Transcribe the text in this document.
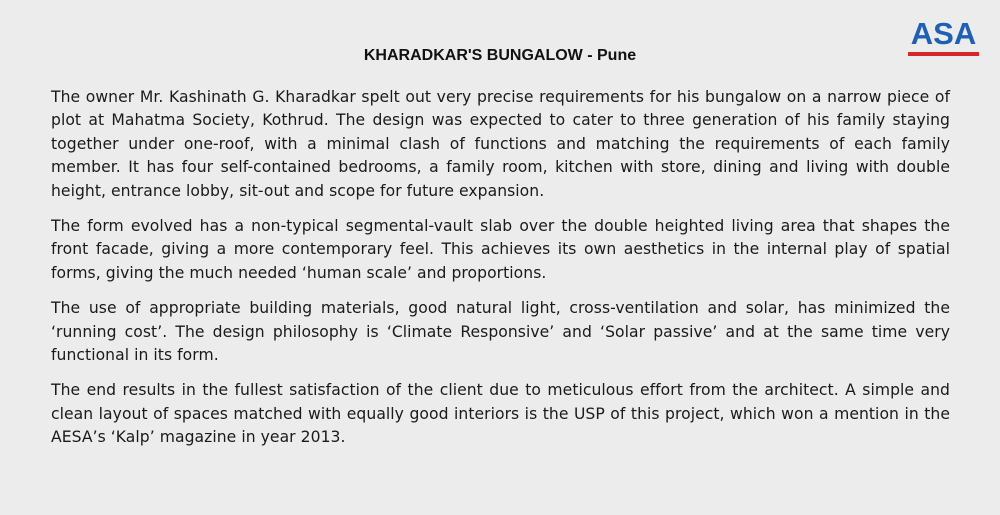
ASA
KHARADKAR'S BUNGALOW - Pune

The owner Mr. Kashinath G. Kharadkar spelt out very precise requirements for his bungalow on a narrow piece of plot at Mahatma Society, Kothrud. The design was expected to cater to three generation of his family staying together under one-roof, with a minimal clash of functions and matching the requirements of each family member. It has four self-contained bedrooms, a family room, kitchen with store, dining and living with double height, entrance lobby, sit-out and scope for future expansion.

The form evolved has a non-typical segmental-vault slab over the double heighted living area that shapes the front facade, giving a more contemporary feel. This achieves its own aesthetics in the internal play of spatial forms, giving the much needed ‘human scale’ and proportions.

The use of appropriate building materials, good natural light, cross-ventilation and solar, has minimized the ‘running cost’. The design philosophy is ‘Climate Responsive’ and ‘Solar passive’ and at the same time very functional in its form.

The end results in the fullest satisfaction of the client due to meticulous effort from the architect. A simple and clean layout of spaces matched with equally good interiors is the USP of this project, which won a mention in the AESA’s ‘Kalp’ magazine in year 2013.
